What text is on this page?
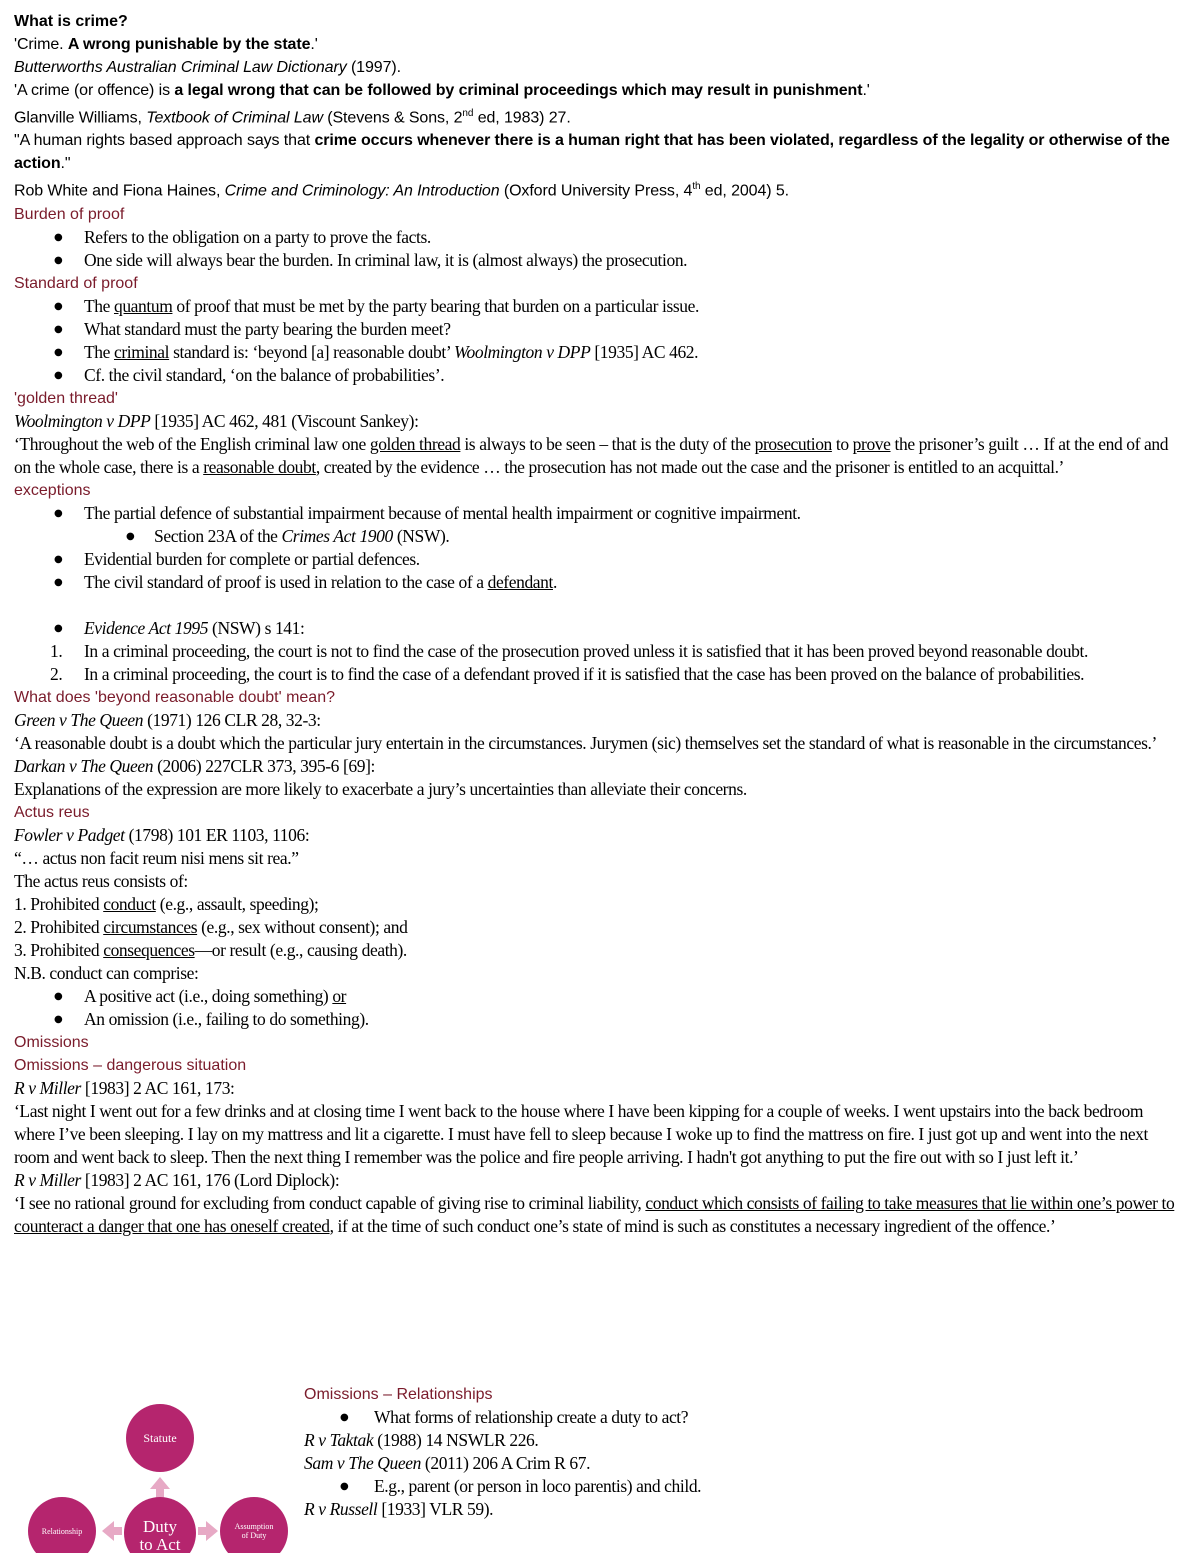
What is crime?

'Crime. A wrong punishable by the state.'

Butterworths Australian Criminal Law Dictionary (1997).

'A crime (or offence) is a legal wrong that can be followed by criminal proceedings which may result in punishment.'

Glanville Williams, Textbook of Criminal Law (Stevens & Sons, 2nd ed, 1983) 27.

"A human rights based approach says that crime occurs whenever there is a human right that has been violated, regardless of the legality or otherwise of the action."

Rob White and Fiona Haines, Crime and Criminology: An Introduction (Oxford University Press, 4th ed, 2004) 5.

Burden of proof

● Refers to the obligation on a party to prove the facts.
● One side will always bear the burden. In criminal law, it is (almost always) the prosecution.

Standard of proof

● The quantum of proof that must be met by the party bearing that burden on a particular issue.
● What standard must the party bearing the burden meet?
● The criminal standard is: ‘beyond [a] reasonable doubt’ Woolmington v DPP [1935] AC 462.
● Cf. the civil standard, ‘on the balance of probabilities’.

'golden thread'

Woolmington v DPP [1935] AC 462, 481 (Viscount Sankey):

‘Throughout the web of the English criminal law one golden thread is always to be seen – that is the duty of the prosecution to prove the prisoner’s guilt … If at the end of and on the whole case, there is a reasonable doubt, created by the evidence … the prosecution has not made out the case and the prisoner is entitled to an acquittal.’

exceptions

● The partial defence of substantial impairment because of mental health impairment or cognitive impairment.
● Section 23A of the Crimes Act 1900 (NSW).
● Evidential burden for complete or partial defences.
● The civil standard of proof is used in relation to the case of a defendant.
● Evidence Act 1995 (NSW) s 141:
1. In a criminal proceeding, the court is not to find the case of the prosecution proved unless it is satisfied that it has been proved beyond reasonable doubt.
2. In a criminal proceeding, the court is to find the case of a defendant proved if it is satisfied that the case has been proved on the balance of probabilities.

What does 'beyond reasonable doubt' mean?

Green v The Queen (1971) 126 CLR 28, 32-3:

‘A reasonable doubt is a doubt which the particular jury entertain in the circumstances. Jurymen (sic) themselves set the standard of what is reasonable in the circumstances.’

Darkan v The Queen (2006) 227CLR 373, 395-6 [69]:

Explanations of the expression are more likely to exacerbate a jury’s uncertainties than alleviate their concerns.

Actus reus

Fowler v Padget (1798) 101 ER 1103, 1106:

“… actus non facit reum nisi mens sit rea.”

The actus reus consists of:

1. Prohibited conduct (e.g., assault, speeding);

2. Prohibited circumstances (e.g., sex without consent); and

3. Prohibited consequences—or result (e.g., causing death).

N.B. conduct can comprise:

● A positive act (i.e., doing something) or
● An omission (i.e., failing to do something).

Omissions

Omissions – dangerous situation

R v Miller [1983] 2 AC 161, 173:

‘Last night I went out for a few drinks and at closing time I went back to the house where I have been kipping for a couple of weeks. I went upstairs into the back bedroom where I’ve been sleeping. I lay on my mattress and lit a cigarette. I must have fell to sleep because I woke up to find the mattress on fire. I just got up and went into the next room and went back to sleep. Then the next thing I remember was the police and fire people arriving. I hadn't got anything to put the fire out with so I just left it.’

R v Miller [1983] 2 AC 161, 176 (Lord Diplock):

‘I see no rational ground for excluding from conduct capable of giving rise to criminal liability, conduct which consists of failing to take measures that lie within one’s power to counteract a danger that one has oneself created, if at the time of such conduct one’s state of mind is such as constitutes a necessary ingredient of the offence.’

Statute
Duty
to Act
Relationship
Assumption
of Duty

Omissions – Relationships

● What forms of relationship create a duty to act?

R v Taktak (1988) 14 NSWLR 226.

Sam v The Queen (2011) 206 A Crim R 67.

● E.g., parent (or person in loco parentis) and child.

R v Russell [1933] VLR 59).
